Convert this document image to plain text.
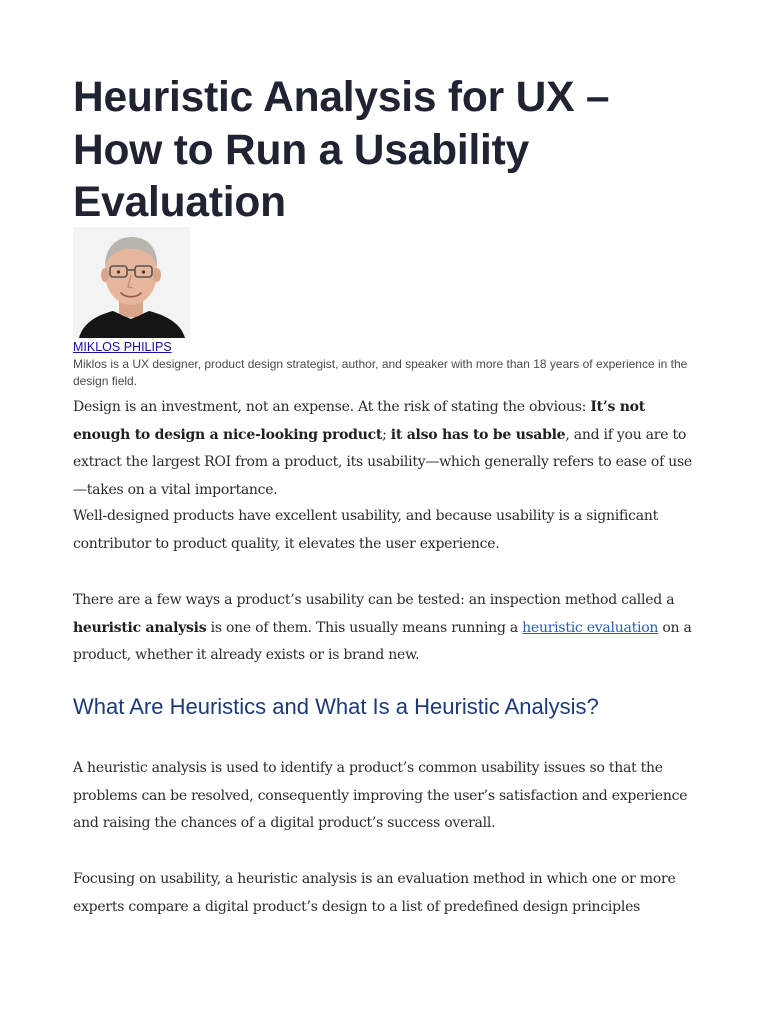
Heuristic Analysis for UX – How to Run a Usability Evaluation
MIKLOS PHILIPS

Miklos is a UX designer, product design strategist, author, and speaker with more than 18 years of experience in the design field.

Design is an investment, not an expense. At the risk of stating the obvious: It’s not enough to design a nice-looking product; it also has to be usable, and if you are to extract the largest ROI from a product, its usability—which generally refers to ease of use—takes on a vital importance.

Well-designed products have excellent usability, and because usability is a significant contributor to product quality, it elevates the user experience.

There are a few ways a product’s usability can be tested: an inspection method called a heuristic analysis is one of them. This usually means running a heuristic evaluation on a product, whether it already exists or is brand new.

What Are Heuristics and What Is a Heuristic Analysis?

A heuristic analysis is used to identify a product’s common usability issues so that the problems can be resolved, consequently improving the user’s satisfaction and experience and raising the chances of a digital product’s success overall.

Focusing on usability, a heuristic analysis is an evaluation method in which one or more experts compare a digital product’s design to a list of predefined design principles
